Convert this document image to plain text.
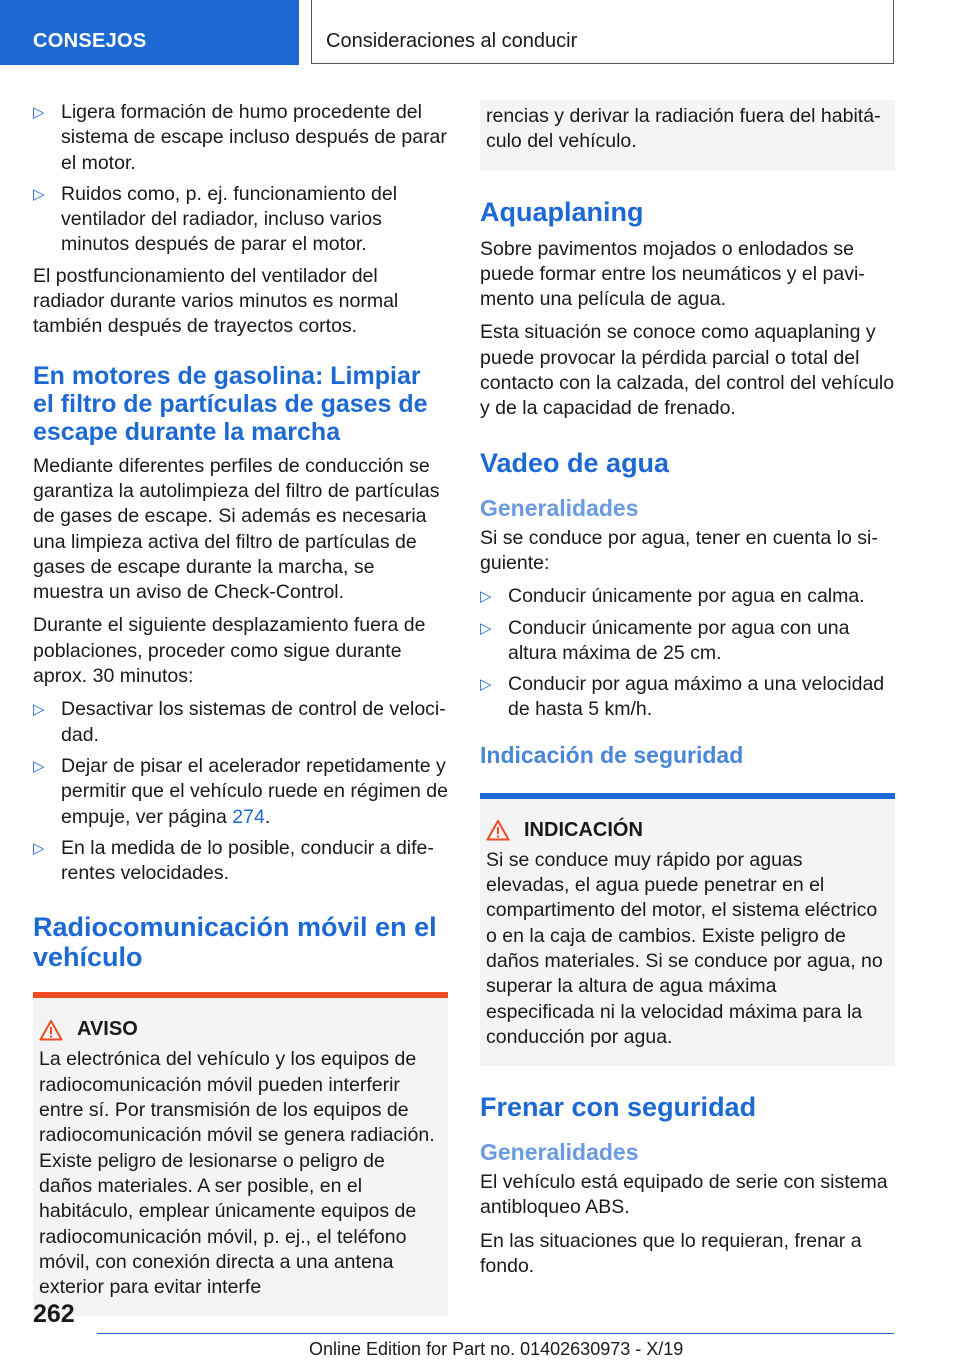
CONSEJOS	Consideraciones al conducir
▷ Ligera formación de humo procedente del sistema de escape incluso después de parar el motor.
▷ Ruidos como, p. ej. funcionamiento del ventilador del radiador, incluso varios minutos después de parar el motor.

El postfuncionamiento del ventilador del radiador durante varios minutos es normal también después de trayectos cortos.

En motores de gasolina: Limpiar el filtro de partículas de gases de escape durante la marcha

Mediante diferentes perfiles de conducción se garantiza la autolimpieza del filtro de partículas de gases de escape. Si además es necesaria una limpieza activa del filtro de partículas de gases de escape durante la marcha, se muestra un aviso de Check-Control.

Durante el siguiente desplazamiento fuera de poblaciones, proceder como sigue durante aprox. 30 minutos:

▷ Desactivar los sistemas de control de velocidad.
▷ Dejar de pisar el acelerador repetidamente y permitir que el vehículo ruede en régimen de empuje, ver página 274.
▷ En la medida de lo posible, conducir a diferentes velocidades.
Radiocomunicación móvil en el vehículo
AVISO

La electrónica del vehículo y los equipos de radiocomunicación móvil pueden interferir entre sí. Por transmisión de los equipos de radiocomunicación móvil se genera radiación. Existe peligro de lesionarse o peligro de daños materiales. A ser posible, en el habitáculo, emplear únicamente equipos de radiocomunicación móvil, p. ej., el teléfono móvil, con conexión directa a una antena exterior para evitar interfe

rencias y derivar la radiación fuera del habitáculo del vehículo.

Aquaplaning

Sobre pavimentos mojados o enlodados se puede formar entre los neumáticos y el pavimento una película de agua.

Esta situación se conoce como aquaplaning y puede provocar la pérdida parcial o total del contacto con la calzada, del control del vehículo y de la capacidad de frenado.

Vadeo de agua
Generalidades

Si se conduce por agua, tener en cuenta lo siguiente:

▷ Conducir únicamente por agua en calma.
▷ Conducir únicamente por agua con una altura máxima de 25 cm.
▷ Conducir por agua máximo a una velocidad de hasta 5 km/h.
Indicación de seguridad
INDICACIÓN

Si se conduce muy rápido por aguas elevadas, el agua puede penetrar en el compartimento del motor, el sistema eléctrico o en la caja de cambios. Existe peligro de daños materiales. Si se conduce por agua, no superar la altura de agua máxima especificada ni la velocidad máxima para la conducción por agua.

Frenar con seguridad
Generalidades

El vehículo está equipado de serie con sistema antibloqueo ABS.

En las situaciones que lo requieran, frenar a fondo.

262
Online Edition for Part no. 01402630973 - X/19
